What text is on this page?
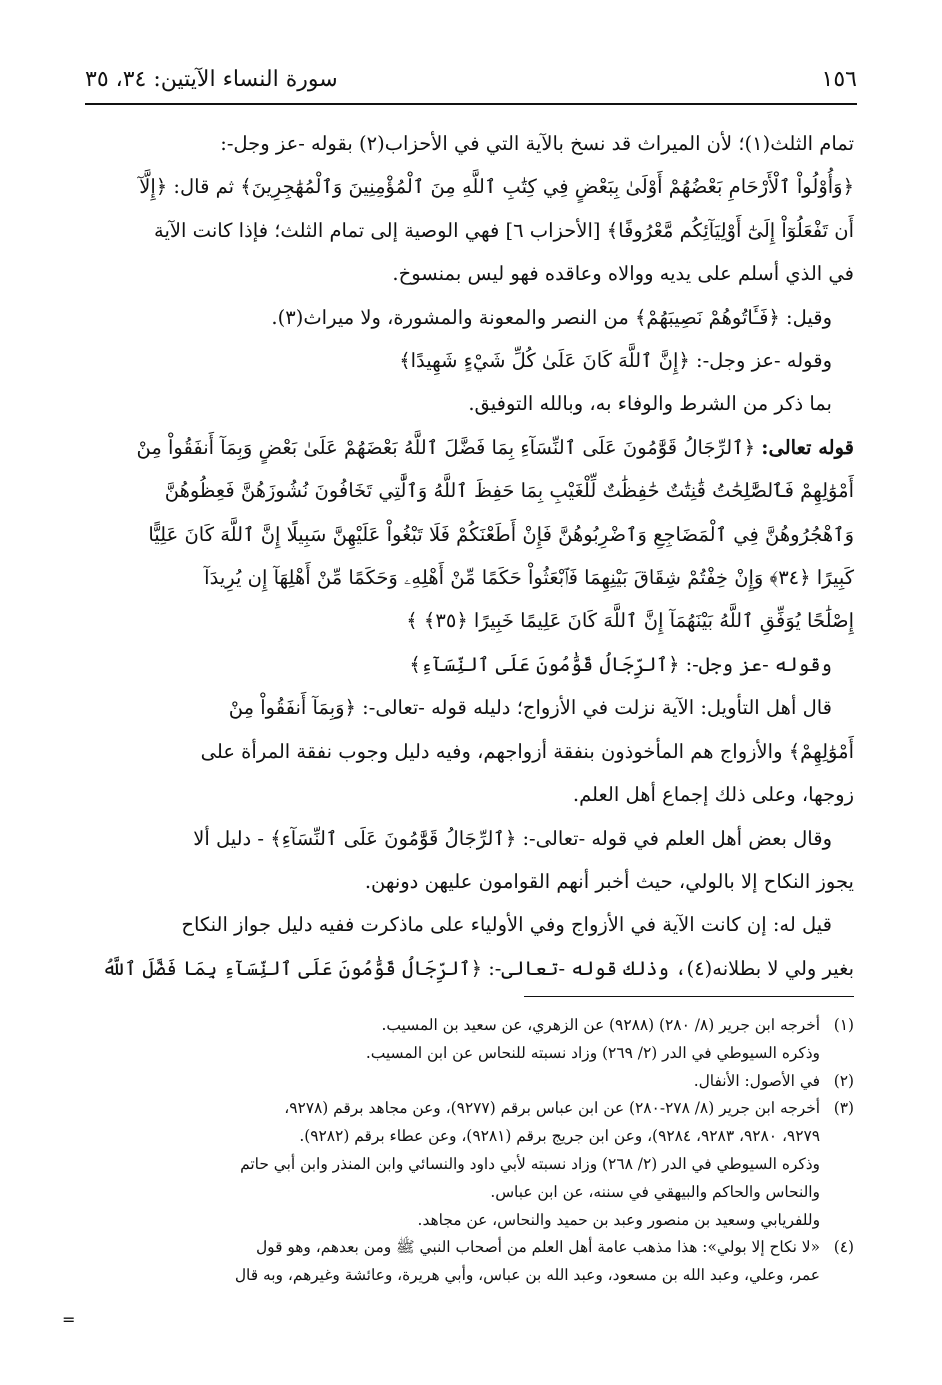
١٥٦
سورة النساء الآيتين: ٣٤، ٣٥

تمام الثلث(١)؛ لأن الميراث قد نسخ بالآية التي في الأحزاب(٢) بقوله -عز وجل-:

﴿وَأُوْلُواْ ٱلْأَرْحَامِ بَعْضُهُمْ أَوْلَىٰ بِبَعْضٍ فِي كِتَٰبِ ٱللَّهِ مِنَ ٱلْمُؤْمِنِينَ وَٱلْمُهَٰجِرِينَ﴾ ثم قال: ﴿إِلَّآ

أَن تَفْعَلُوٓاْ إِلَىٰٓ أَوْلِيَآئِكُم مَّعْرُوفًا﴾ [الأحزاب ٦] فهي الوصية إلى تمام الثلث؛ فإذا كانت الآية

في الذي أسلم على يديه ووالاه وعاقده فهو ليس بمنسوخ.

وقيل: ﴿فَـَٔاتُوهُمْ نَصِيبَهُمْ﴾ من النصر والمعونة والمشورة، ولا ميراث(٣).

وقوله -عز وجل-: ﴿إِنَّ ٱللَّهَ كَانَ عَلَىٰ كُلِّ شَيْءٍ شَهِيدًا﴾

بما ذكر من الشرط والوفاء به، وبالله التوفيق.

قوله تعالى: ﴿ٱلرِّجَالُ قَوَّٰمُونَ عَلَى ٱلنِّسَآءِ بِمَا فَضَّلَ ٱللَّهُ بَعْضَهُمْ عَلَىٰ بَعْضٍ وَبِمَآ أَنفَقُواْ مِنْ

أَمْوَٰلِهِمْ فَٱلصَّٰلِحَٰتُ قَٰنِتَٰتٌ حَٰفِظَٰتٌ لِّلْغَيْبِ بِمَا حَفِظَ ٱللَّهُ وَٱلَّٰتِي تَخَافُونَ نُشُوزَهُنَّ فَعِظُوهُنَّ

وَٱهْجُرُوهُنَّ فِي ٱلْمَضَاجِعِ وَٱضْرِبُوهُنَّ فَإِنْ أَطَعْنَكُمْ فَلَا تَبْغُواْ عَلَيْهِنَّ سَبِيلًا إِنَّ ٱللَّهَ كَانَ عَلِيًّا

كَبِيرًا ﴿٣٤﴾ وَإِنْ خِفْتُمْ شِقَاقَ بَيْنِهِمَا فَٱبْعَثُواْ حَكَمًا مِّنْ أَهْلِهِۦ وَحَكَمًا مِّنْ أَهْلِهَآ إِن يُرِيدَآ

إِصْلَٰحًا يُوَفِّقِ ٱللَّهُ بَيْنَهُمَآ إِنَّ ٱللَّهَ كَانَ عَلِيمًا خَبِيرًا ﴿٣٥﴾ ﴾

وقوله -عز وجل-: ﴿ٱلرِّجَالُ قَوَّٰمُونَ عَلَى ٱلنِّسَآءِ﴾

قال أهل التأويل: الآية نزلت في الأزواج؛ دليله قوله -تعالى-: ﴿وَبِمَآ أَنفَقُواْ مِنْ

أَمْوَٰلِهِمْ﴾ والأزواج هم المأخوذون بنفقة أزواجهم، وفيه دليل وجوب نفقة المرأة على

زوجها، وعلى ذلك إجماع أهل العلم.

وقال بعض أهل العلم في قوله -تعالى-: ﴿ٱلرِّجَالُ قَوَّٰمُونَ عَلَى ٱلنِّسَآءِ﴾ - دليل ألا

يجوز النكاح إلا بالولي، حيث أخبر أنهم القوامون عليهن دونهن.

قيل له: إن كانت الآية في الأزواج وفي الأولياء على ماذكرت ففيه دليل جواز النكاح

بغير ولي لا بطلانه(٤)، وذلك قوله -تعالى-: ﴿ٱلرِّجَالُ قَوَّٰمُونَ عَلَى ٱلنِّسَآءِ بِمَا فَضَّلَ ٱللَّهُ

(١)
أخرجه ابن جرير (٨/ ٢٨٠) (٩٢٨٨) عن الزهري، عن سعيد بن المسيب.
وذكره السيوطي في الدر (٢/ ٢٦٩) وزاد نسبته للنحاس عن ابن المسيب.
(٢)
في الأصول: الأنفال.
(٣)
أخرجه ابن جرير (٨/ ٢٧٨-٢٨٠) عن ابن عباس برقم (٩٢٧٧)، وعن مجاهد برقم (٩٢٧٨،
٩٢٧٩، ٩٢٨٠، ٩٢٨٣، ٩٢٨٤)، وعن ابن جريج برقم (٩٢٨١)، وعن عطاء برقم (٩٢٨٢).
وذكره السيوطي في الدر (٢/ ٢٦٨) وزاد نسبته لأبي داود والنسائي وابن المنذر وابن أبي حاتم
والنحاس والحاكم والبيهقي في سننه، عن ابن عباس.
وللفريابي وسعيد بن منصور وعبد بن حميد والنحاس، عن مجاهد.
(٤)
«لا نكاح إلا بولي»: هذا مذهب عامة أهل العلم من أصحاب النبي ﷺ ومن بعدهم، وهو قول
عمر، وعلي، وعبد الله بن مسعود، وعبد الله بن عباس، وأبي هريرة، وعائشة وغيرهم، وبه قال
=
